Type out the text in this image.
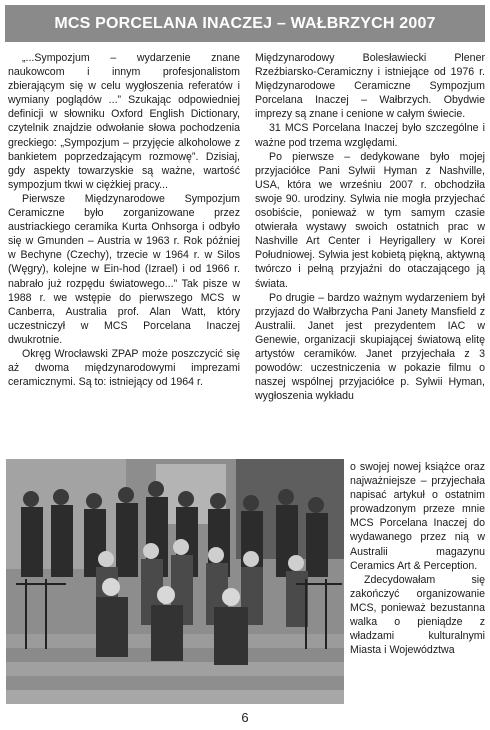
MCS PORCELANA INACZEJ – WAŁBRZYCH 2007

„...Sympozjum – wydarzenie znane naukowcom i innym profesjonalistom zbierającym się w celu wygłoszenia referatów i wymiany poglądów ...” Szukając odpowiedniej definicji w słowniku Oxford English Dictionary, czytelnik znajdzie odwołanie słowa pochodzenia greckiego: „Sympozjum – przyjęcie alkoholowe z bankietem poprzedzającym rozmowę”. Dzisiaj, gdy aspekty towarzyskie są ważne, wartość sympozjum tkwi w ciężkiej pracy...

Pierwsze Międzynarodowe Sympozjum Ceramiczne było zorganizowane przez austriackiego ceramika Kurta Onhsorga i odbyło się w Gmunden – Austria w 1963 r. Rok później w Bechyne (Czechy), trzecie w 1964 r. w Silos (Węgry), kolejne w Ein-hod (Izrael) i od 1966 r. nabrało już rozpędu światowego...” Tak pisze w 1988 r. we wstępie do pierwszego MCS w Canberra, Australia prof. Alan Watt, który uczestniczył w MCS Porcelana Inaczej dwukrotnie.

Okręg Wrocławski ZPAP może poszczycić się aż dwoma międzynarodowymi imprezami ceramicznymi. Są to: istniejący od 1964 r.

Międzynarodowy Bolesławiecki Plener Rzeźbiarsko-Ceramiczny i istniejące od 1976 r. Międzynarodowe Ceramiczne Sympozjum Porcelana Inaczej – Wałbrzych. Obydwie imprezy są znane i cenione w całym świecie.

31 MCS Porcelana Inaczej było szczególne i ważne pod trzema względami.

Po pierwsze – dedykowane było mojej przyjaciółce Pani Sylwii Hyman z Nashville, USA, która we wrześniu 2007 r. obchodziła swoje 90. urodziny. Sylwia nie mogła przyjechać osobiście, ponieważ w tym samym czasie otwierała wystawy swoich ostatnich prac w Nashville Art Center i Heyrigallery w Korei Południowej. Sylwia jest kobietą piękną, aktywną twórczo i pełną przyjaźni do otaczającego ją świata.

Po drugie – bardzo ważnym wydarzeniem był przyjazd do Wałbrzycha Pani Janety Mansfield z Australii. Janet jest prezydentem IAC w Genewie, organizacji skupiającej światową elitę artystów ceramików. Janet przyjechała z 3 powodów: uczestniczenia w pokazie filmu o naszej wspólnej przyjaciółce p. Sylwii Hyman, wygłoszenia wykładu

o swojej nowej książce oraz najważniejsze – przyjechała napisać artykuł o ostatnim prowadzonym przeze mnie MCS Porcelana Inaczej do wydawanego przez nią w Australii magazynu Ceramics Art & Perception.

Zdecydowałam się zakończyć organizowanie MCS, ponieważ bezustanna walka o pieniądze z władzami kulturalnymi Miasta i Województwa

6
